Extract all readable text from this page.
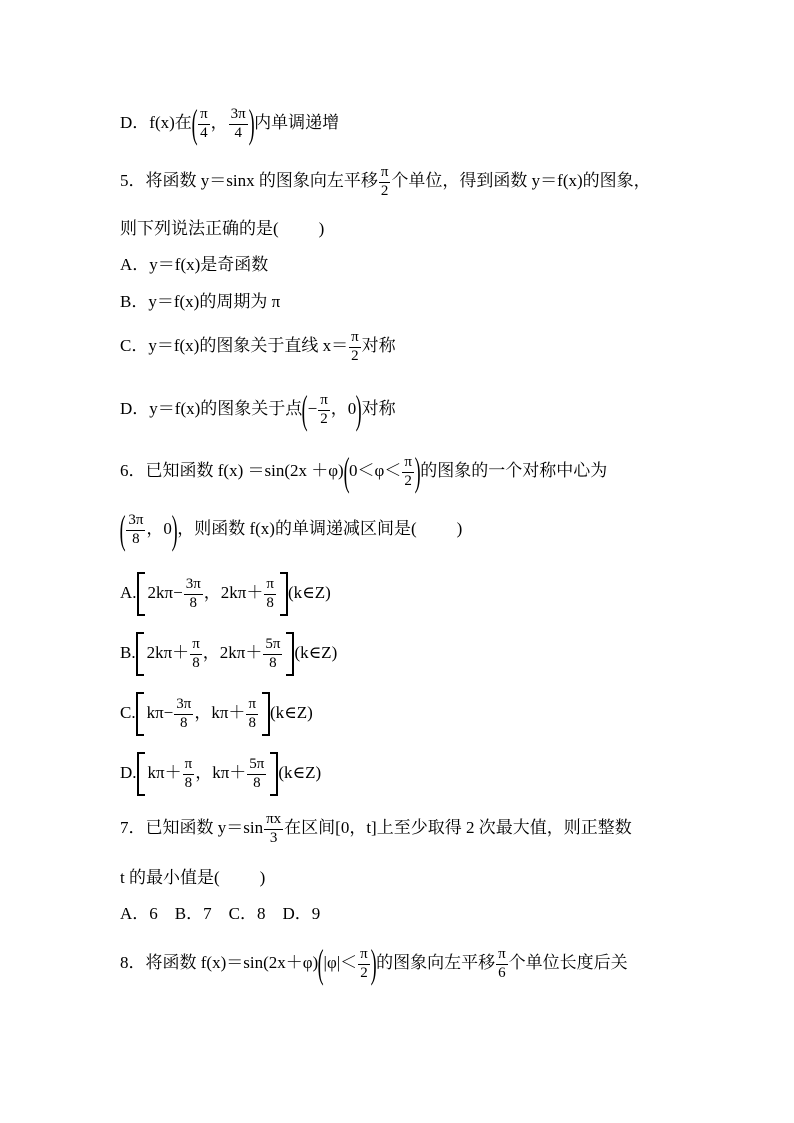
D．f(x)在( $\frac{\pi}{4}$ ， $\frac{3\pi}{4}$ )内单调递增
5．将函数 y＝sinx 的图象向左平移 $\frac{\pi}{2}$ 个单位，得到函数 y＝f(x)的图象，
则下列说法正确的是( )
A．y＝f(x)是奇函数
B．y＝f(x)的周期为 π
C．y＝f(x)的图象关于直线 $x= \frac{\pi}{2}$ 对称
D．y＝f(x)的图象关于点(− $\frac{\pi}{2}$ ，0)对称
6．已知函数 $f(x) =\sin(2x +\varphi)(0<\varphi< \frac{\pi}{2}$ )的图象的一个对称中心为
( $\frac{3\pi}{8}$ ，0)，则函数 f(x)的单调递减区间是( )
A. $2k\pi- \frac{3\pi}{8}$ ，$2k\pi+ \frac{\pi}{8}$ (k∈Z)
B. $2k\pi+ \frac{\pi}{8}$ ，$2k\pi+ \frac{5\pi}{8}$ (k∈Z)
C. $k\pi- \frac{3\pi}{8}$ ，$k\pi+ \frac{\pi}{8}$ (k∈Z)
D. $k\pi+ \frac{\pi}{8}$ ，$k\pi+ \frac{5\pi}{8}$ (k∈Z)
7．已知函数 $y=\sin \frac{\pi x}{3}$ 在区间[0，t]上至少取得 2 次最大值，则正整数
t 的最小值是( )
A．6　B．7　C．8　D．9
8．将函数 $f(x)=\sin(2x+\varphi)(|\varphi|< \frac{\pi}{2}$ )的图象向左平移 $\frac{\pi}{6}$ 个单位长度后关
